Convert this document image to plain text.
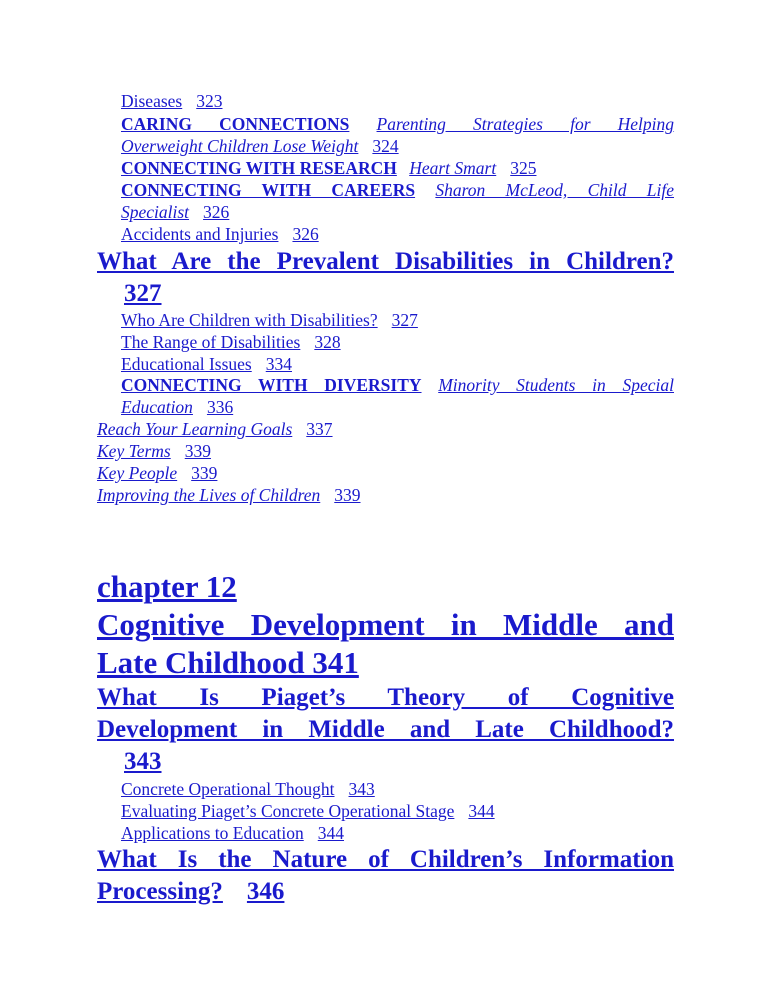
Diseases 323
CARING CONNECTIONS Parenting Strategies for Helping
Overweight Children Lose Weight 324
CONNECTING WITH RESEARCH Heart Smart 325
CONNECTING WITH CAREERS Sharon McLeod, Child Life
Specialist 326
Accidents and Injuries 326
What Are the Prevalent Disabilities in Children?
327
Who Are Children with Disabilities? 327
The Range of Disabilities 328
Educational Issues 334
CONNECTING WITH DIVERSITY Minority Students in Special
Education 336
Reach Your Learning Goals 337
Key Terms 339
Key People 339
Improving the Lives of Children 339
chapter 12
Cognitive Development in Middle and
Late Childhood 341
What Is Piaget’s Theory of Cognitive
Development in Middle and Late Childhood?
343
Concrete Operational Thought 343
Evaluating Piaget’s Concrete Operational Stage 344
Applications to Education 344
What Is the Nature of Children’s Information
Processing? 346
